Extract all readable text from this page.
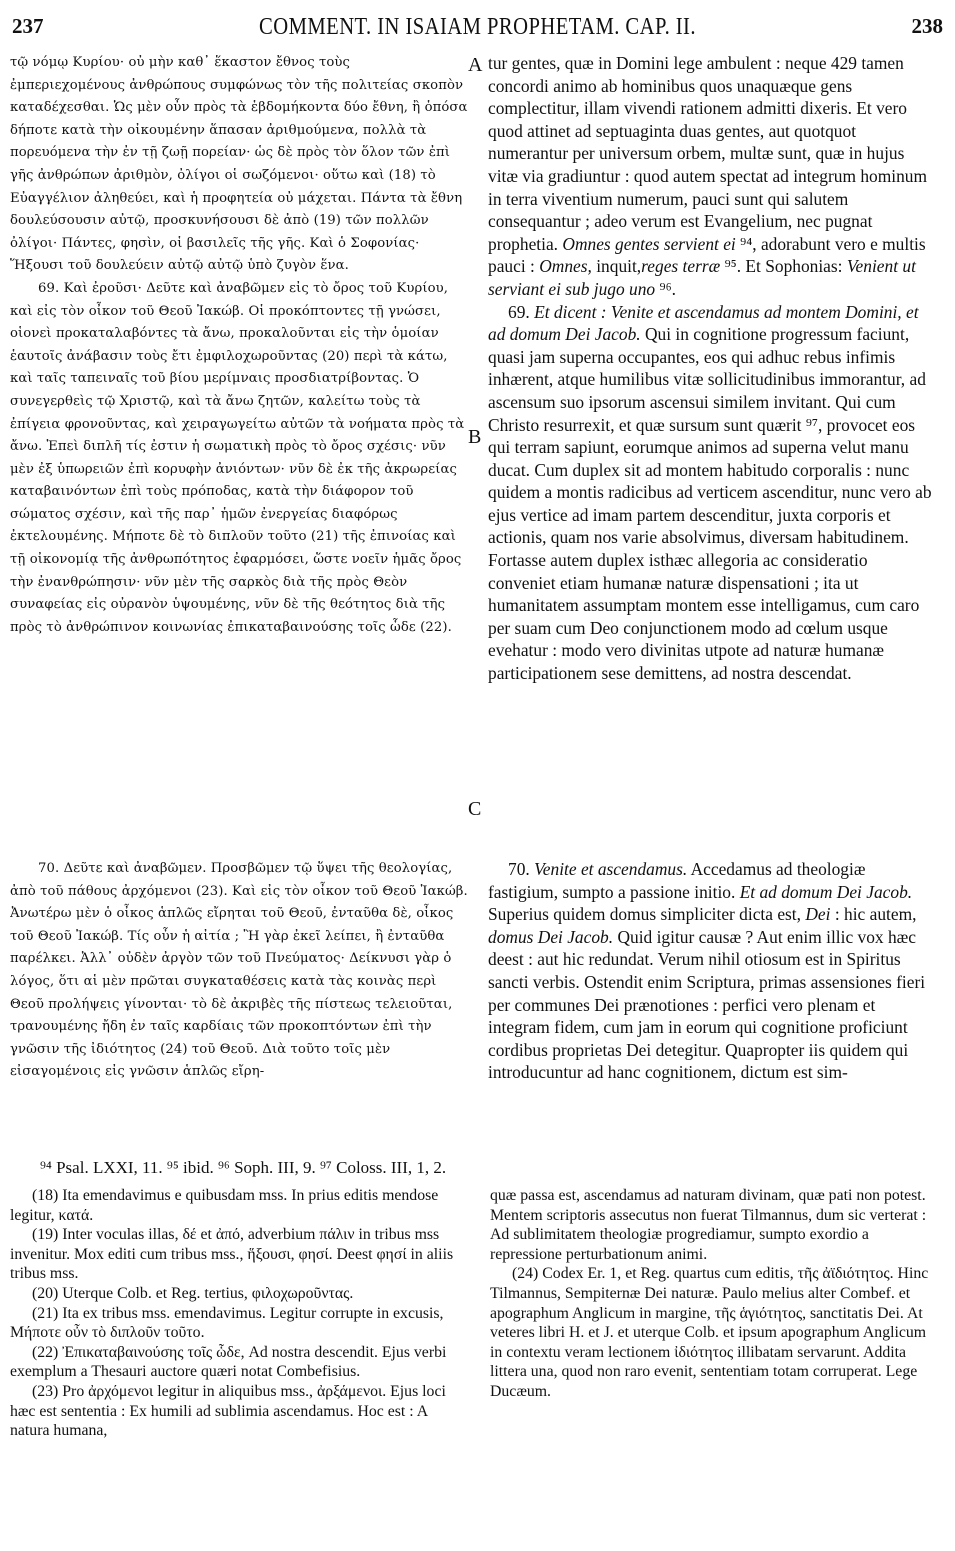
237	COMMENT. IN ISAIAM PROPHETAM. CAP. II.	238

τῷ νόμῳ Κυρίου· οὐ μὴν καθ᾿ ἕκαστον ἔθνος τοὺς ἐμπεριεχομένους ἀνθρώπους συμφώνως τὸν τῆς πολιτείας σκοπὸν καταδέχεσθαι. Ὡς μὲν οὖν πρὸς τὰ ἑβδομήκοντα δύο ἔθνη, ἢ ὁπόσα δήποτε κατὰ τὴν οἰκουμένην ἅπασαν ἀριθμούμενα, πολλὰ τὰ πορευόμενα τὴν ἐν τῇ ζωῇ πορείαν· ὡς δὲ πρὸς τὸν ὅλον τῶν ἐπὶ γῆς ἀνθρώπων ἀριθμὸν, ὀλίγοι οἱ σωζόμενοι· οὕτω καὶ (18) τὸ Εὐαγγέλιον ἀληθεύει, καὶ ἡ προφητεία οὐ μάχεται. Πάντα τὰ ἔθνη δουλεύσουσιν αὐτῷ, προσκυνήσουσι δὲ ἀπὸ (19) τῶν πολλῶν ὀλίγοι· Πάντες, φησὶν, οἱ βασιλεῖς τῆς γῆς. Καὶ ὁ Σοφονίας· Ἥξουσι τοῦ δουλεύειν αὐτῷ αὐτῷ ὑπὸ ζυγὸν ἕνα.

69. Καὶ ἐροῦσι· Δεῦτε καὶ ἀναβῶμεν εἰς τὸ ὄρος τοῦ Κυρίου, καὶ εἰς τὸν οἶκον τοῦ Θεοῦ Ἰακώβ. Οἱ προκόπτοντες τῇ γνώσει, οἱονεὶ προκαταλαβόντες τὰ ἄνω, προκαλοῦνται εἰς τὴν ὁμοίαν ἑαυτοῖς ἀνάβασιν τοὺς ἔτι ἐμφιλοχωροῦντας (20) περὶ τὰ κάτω, καὶ ταῖς ταπειναῖς τοῦ βίου μερίμναις προσδιατρίβοντας. Ὁ συνεγερθεὶς τῷ Χριστῷ, καὶ τὰ ἄνω ζητῶν, καλείτω τοὺς τὰ ἐπίγεια φρονοῦντας, καὶ χειραγωγείτω αὐτῶν τὰ νοήματα πρὸς τὰ ἄνω. Ἐπεὶ διπλῆ τίς ἐστιν ἡ σωματικὴ πρὸς τὸ ὄρος σχέσις· νῦν μὲν ἐξ ὑπωρειῶν ἐπὶ κορυφὴν ἀνιόντων· νῦν δὲ ἐκ τῆς ἀκρωρείας καταβαινόντων ἐπὶ τοὺς πρόποδας, κατὰ τὴν διάφορον τοῦ σώματος σχέσιν, καὶ τῆς παρ᾿ ἡμῶν ἐνεργείας διαφόρως ἐκτελουμένης. Μήποτε δὲ τὸ διπλοῦν τοῦτο (21) τῆς ἐπινοίας καὶ τῇ οἰκονομίᾳ τῆς ἀνθρωπότητος ἐφαρμόσει, ὥστε νοεῖν ἡμᾶς ὄρος τὴν ἐνανθρώπησιν· νῦν μὲν τῆς σαρκὸς διὰ τῆς πρὸς Θεὸν συναφείας εἰς οὐρανὸν ὑψουμένης, νῦν δὲ τῆς θεότητος διὰ τῆς πρὸς τὸ ἀνθρώπινον κοινωνίας ἐπικαταβαινούσης τοῖς ὧδε (22).

A
B
C

tur gentes, quæ in Domini lege ambulent : neque 429 tamen concordi animo ab hominibus quos unaquæque gens complectitur, illam vivendi rationem admitti dixeris. Et vero quod attinet ad septuaginta duas gentes, aut quotquot numerantur per universum orbem, multæ sunt, quæ in hujus vitæ via gradiuntur : quod autem spectat ad integrum hominum in terra viventium numerum, pauci sunt qui salutem consequantur ; adeo verum est Evangelium, nec pugnat prophetia. Omnes gentes servient ei ⁹⁴, adorabunt vero e multis pauci : Omnes, inquit,reges terræ ⁹⁵. Et Sophonias: Venient ut serviant ei sub jugo uno ⁹⁶.

69. Et dicent : Venite et ascendamus ad montem Domini, et ad domum Dei Jacob. Qui in cognitione progressum faciunt, quasi jam superna occupantes, eos qui adhuc rebus infimis inhærent, atque humilibus vitæ sollicitudinibus immorantur, ad ascensum suo ipsorum ascensui similem invitant. Qui cum Christo resurrexit, et quæ sursum sunt quærit ⁹⁷, provocet eos qui terram sapiunt, eorumque animos ad superna velut manu ducat. Cum duplex sit ad montem habitudo corporalis : nunc quidem a montis radicibus ad verticem ascenditur, nunc vero ab ejus vertice ad imam partem descenditur, juxta corporis et actionis, quam nos varie absolvimus, diversam habitudinem. Fortasse autem duplex isthæc allegoria ac consideratio conveniet etiam humanæ naturæ dispensationi ; ita ut humanitatem assumptam montem esse intelligamus, cum caro per suam cum Deo conjunctionem modo ad cœlum usque evehatur : modo vero divinitas utpote ad naturæ humanæ participationem sese demittens, ad nostra descendat.

70. Δεῦτε καὶ ἀναβῶμεν. Προσβῶμεν τῷ ὕψει τῆς θεολογίας, ἀπὸ τοῦ πάθους ἀρχόμενοι (23). Καὶ εἰς τὸν οἶκον τοῦ Θεοῦ Ἰακώβ. Ἀνωτέρω μὲν ὁ οἶκος ἁπλῶς εἴρηται τοῦ Θεοῦ, ἐνταῦθα δὲ, οἶκος τοῦ Θεοῦ Ἰακώβ. Τίς οὖν ἡ αἰτία ; Ἢ γὰρ ἐκεῖ λείπει, ἢ ἐνταῦθα παρέλκει. Ἀλλ᾿ οὐδὲν ἀργὸν τῶν τοῦ Πνεύματος· Δείκνυσι γὰρ ὁ λόγος, ὅτι αἱ μὲν πρῶται συγκαταθέσεις κατὰ τὰς κοινὰς περὶ Θεοῦ προλήψεις γίνονται· τὸ δὲ ἀκριβὲς τῆς πίστεως τελειοῦται, τρανουμένης ἤδη ἐν ταῖς καρδίαις τῶν προκοπτόντων ἐπὶ τὴν γνῶσιν τῆς ἰδιότητος (24) τοῦ Θεοῦ. Διὰ τοῦτο τοῖς μὲν εἰσαγομένοις εἰς γνῶσιν ἁπλῶς εἴρη-

70. Venite et ascendamus. Accedamus ad theologiæ fastigium, sumpto a passione initio. Et ad domum Dei Jacob. Superius quidem domus simpliciter dicta est, Dei : hic autem, domus Dei Jacob. Quid igitur causæ ? Aut enim illic vox hæc deest : aut hic redundat. Verum nihil otiosum est in Spiritus sancti verbis. Ostendit enim Scriptura, primas assensiones fieri per communes Dei prænotiones : perfici vero plenam et integram fidem, cum jam in eorum qui cognitione proficiunt cordibus proprietas Dei detegitur. Quapropter iis quidem qui introducuntur ad hanc cognitionem, dictum est sim-

⁹⁴ Psal. LXXI, 11. ⁹⁵ ibid. ⁹⁶ Soph. III, 9. ⁹⁷ Coloss. III, 1, 2.

(18) Ita emendavimus e quibusdam mss. In prius editis mendose legitur, κατά.

(19) Inter voculas illas, δέ et ἀπό, adverbium πάλιν in tribus mss invenitur. Mox editi cum tribus mss., ἥξουσι, φησί. Deest φησί in aliis tribus mss.

(20) Uterque Colb. et Reg. tertius, φιλοχωροῦντας.

(21) Ita ex tribus mss. emendavimus. Legitur corrupte in excusis, Μήποτε οὖν τὸ διπλοῦν τοῦτο.

(22) Ἐπικαταβαινούσης τοῖς ὧδε, Ad nostra descendit. Ejus verbi exemplum a Thesauri auctore quæri notat Combefisius.

(23) Pro ἀρχόμενοι legitur in aliquibus mss., ἀρξάμενοι. Ejus loci hæc est sententia : Ex humili ad sublimia ascendamus. Hoc est : A natura humana,

quæ passa est, ascendamus ad naturam divinam, quæ pati non potest. Mentem scriptoris assecutus non fuerat Tilmannus, dum sic verterat : Ad sublimitatem theologiæ progrediamur, sumpto exordio a repressione perturbationum animi.

(24) Codex Er. 1, et Reg. quartus cum editis, τῆς ἀϊδιότητος. Hinc Tilmannus, Sempiternæ Dei naturæ. Paulo melius alter Combef. et apographum Anglicum in margine, τῆς ἁγιότητος, sanctitatis Dei. At veteres libri H. et J. et uterque Colb. et ipsum apographum Anglicum in contextu veram lectionem ἰδιότητος illibatam servarunt. Addita littera una, quod non raro evenit, sententiam totam corruperat. Lege Ducæum.
